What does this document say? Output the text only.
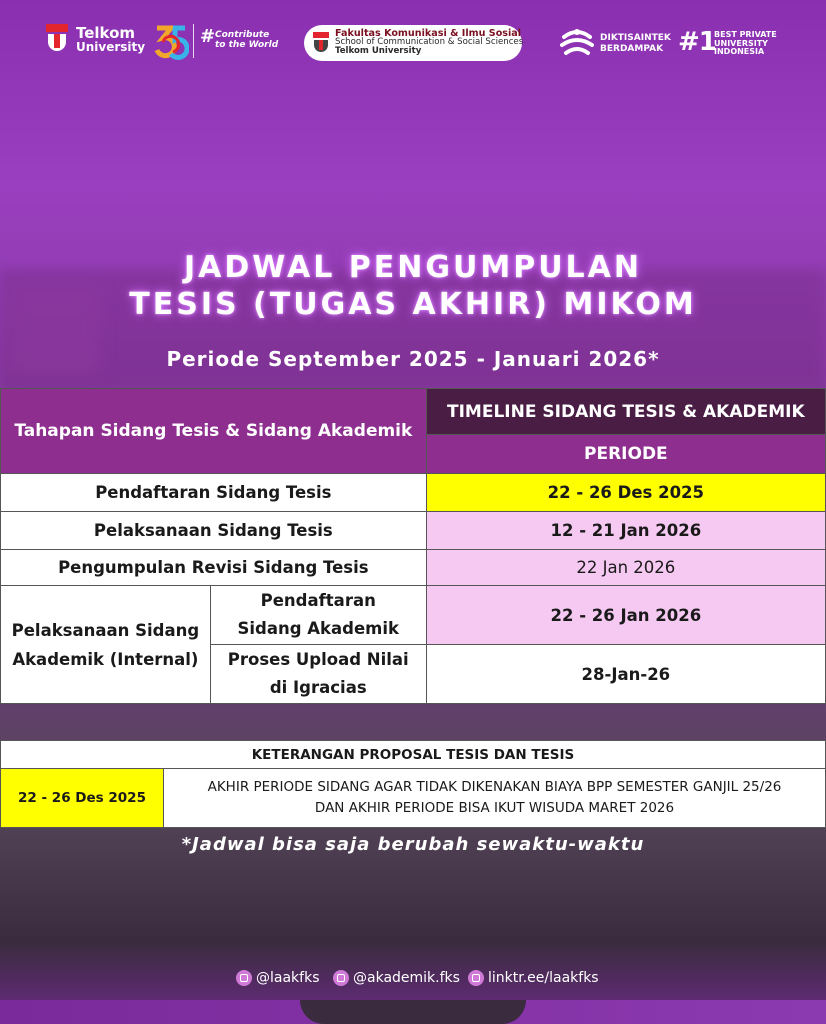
Telkom
University	# Contribute
to the World
Fakultas Komunikasi & Ilmu Sosial
School of Communication & Social Sciences
Telkom University
DIKTISAINTEK
BERDAMPAK #1
BEST PRIVATE
UNIVERSITY
INDONESIA
JADWAL PENGUMPULAN
TESIS (TUGAS AKHIR) MIKOM
Periode September 2025 - Januari 2026*
Tahapan Sidang Tesis & Sidang Akademik		TIMELINE SIDANG TESIS & AKADEMIK
		PERIODE
Pendaftaran Sidang Tesis		22 - 26 Des 2025
Pelaksanaan Sidang Tesis		12 - 21 Jan 2026
Pengumpulan Revisi Sidang Tesis		22 Jan 2026
Pelaksanaan Sidang Akademik (Internal)	Pendaftaran Sidang Akademik	22 - 26 Jan 2026
	Proses Upload Nilai di Igracias	28-Jan-26
KETERANGAN PROPOSAL TESIS DAN TESIS
22 - 26 Des 2025	
AKHIR PERIODE SIDANG AGAR TIDAK DIKENAKAN BIAYA BPP SEMESTER GANJIL 25/26
DAN AKHIR PERIODE BISA IKUT WISUDA MARET 2026
*Jadwal bisa saja berubah sewaktu-waktu
@laakfks	@akademik.fks	linktr.ee/laakfks
